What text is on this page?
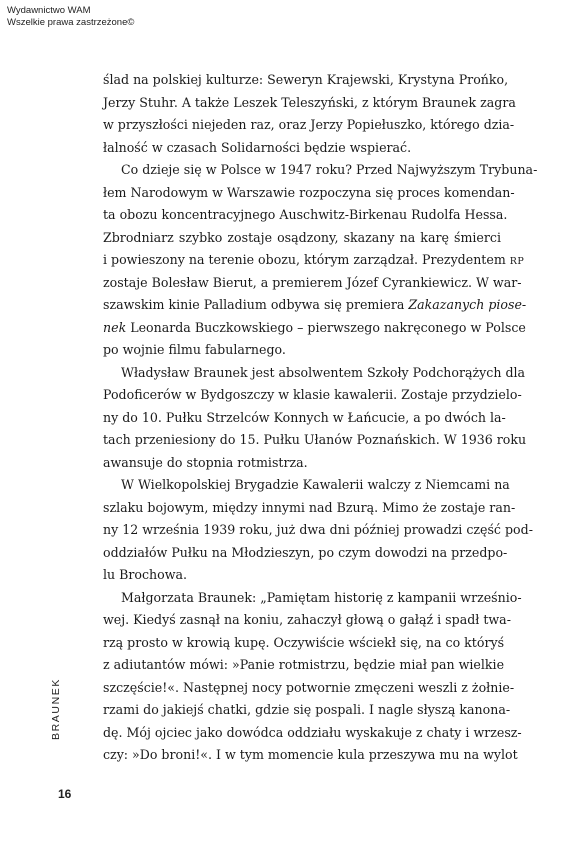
Wydawnictwo WAM
Wszelkie prawa zastrzeżone©
ślad na polskiej kulturze: Seweryn Krajewski, Krystyna Prońko,
Jerzy Stuhr. A także Leszek Teleszyński, z którym Braunek zagra
w przyszłości niejeden raz, oraz Jerzy Popiełuszko, którego dzia-
łalność w czasach Solidarności będzie wspierać.
Co dzieje się w Polsce w 1947 roku? Przed Najwyższym Trybuna-
łem Narodowym w Warszawie rozpoczyna się proces komendan-
ta obozu koncentracyjnego Auschwitz-Birkenau Rudolfa Hessa.
Zbrodniarz szybko zostaje osądzony, skazany na karę śmierci
i powieszony na terenie obozu, którym zarządzał. Prezydentem RP
zostaje Bolesław Bierut, a premierem Józef Cyrankiewicz. W war-
szawskim kinie Palladium odbywa się premiera Zakazanych piose-
nek Leonarda Buczkowskiego – pierwszego nakręconego w Polsce
po wojnie filmu fabularnego.
Władysław Braunek jest absolwentem Szkoły Podchorążych dla
Podoficerów w Bydgoszczy w klasie kawalerii. Zostaje przydzielo-
ny do 10. Pułku Strzelców Konnych w Łańcucie, a po dwóch la-
tach przeniesiony do 15. Pułku Ułanów Poznańskich. W 1936 roku
awansuje do stopnia rotmistrza.
W Wielkopolskiej Brygadzie Kawalerii walczy z Niemcami na
szlaku bojowym, między innymi nad Bzurą. Mimo że zostaje ran-
ny 12 września 1939 roku, już dwa dni później prowadzi część pod-
oddziałów Pułku na Młodzieszyn, po czym dowodzi na przedpo-
lu Brochowa.
Małgorzata Braunek: „Pamiętam historię z kampanii wrześnio-
wej. Kiedyś zasnął na koniu, zahaczył głową o gałąź i spadł twa-
rzą prosto w krowią kupę. Oczywiście wściekł się, na co któryś
z adiutantów mówi: »Panie rotmistrzu, będzie miał pan wielkie
szczęście!«. Następnej nocy potwornie zmęczeni weszli z żołnie-
rzami do jakiejś chatki, gdzie się pospali. I nagle słyszą kanona-
dę. Mój ojciec jako dowódca oddziału wyskakuje z chaty i wrzesz-
czy: »Do broni!«. I w tym momencie kula przeszywa mu na wylot
BRAUNEK
16
